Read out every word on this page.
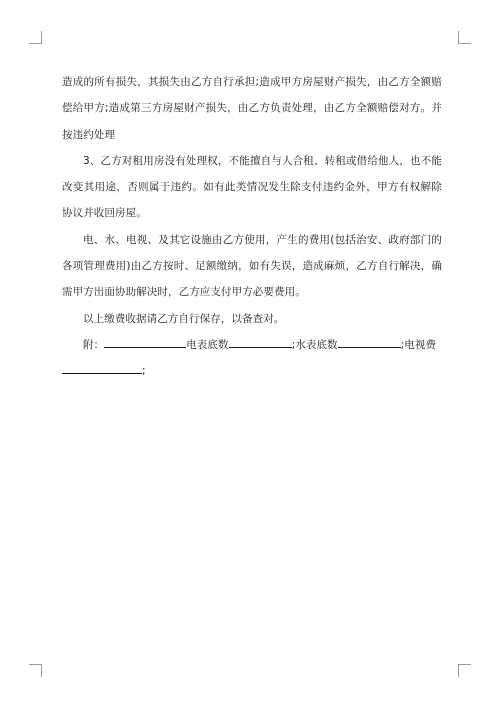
造成的所有损失，其损失由乙方自行承担;造成甲方房屋财产损失，由乙方全额赔偿给甲方;造成第三方房屋财产损失，由乙方负责处理，由乙方全额赔偿对方。并按违约处理

3、乙方对租用房没有处理权，不能擅自与人合租、转租或借给他人，也不能改变其用途，否则属于违约。如有此类情况发生除支付违约金外，甲方有权解除协议并收回房屋。

电、水、电视、及其它设施由乙方使用，产生的费用(包括治安、政府部门的各项管理费用)由乙方按时、足额缴纳，如有失误，造成麻烦，乙方自行解决，确需甲方出面协助解决时，乙方应支付甲方必要费用。

以上缴费收据请乙方自行保存，以备查对。

附：	电表底数	;水表底数	;电视费

;
